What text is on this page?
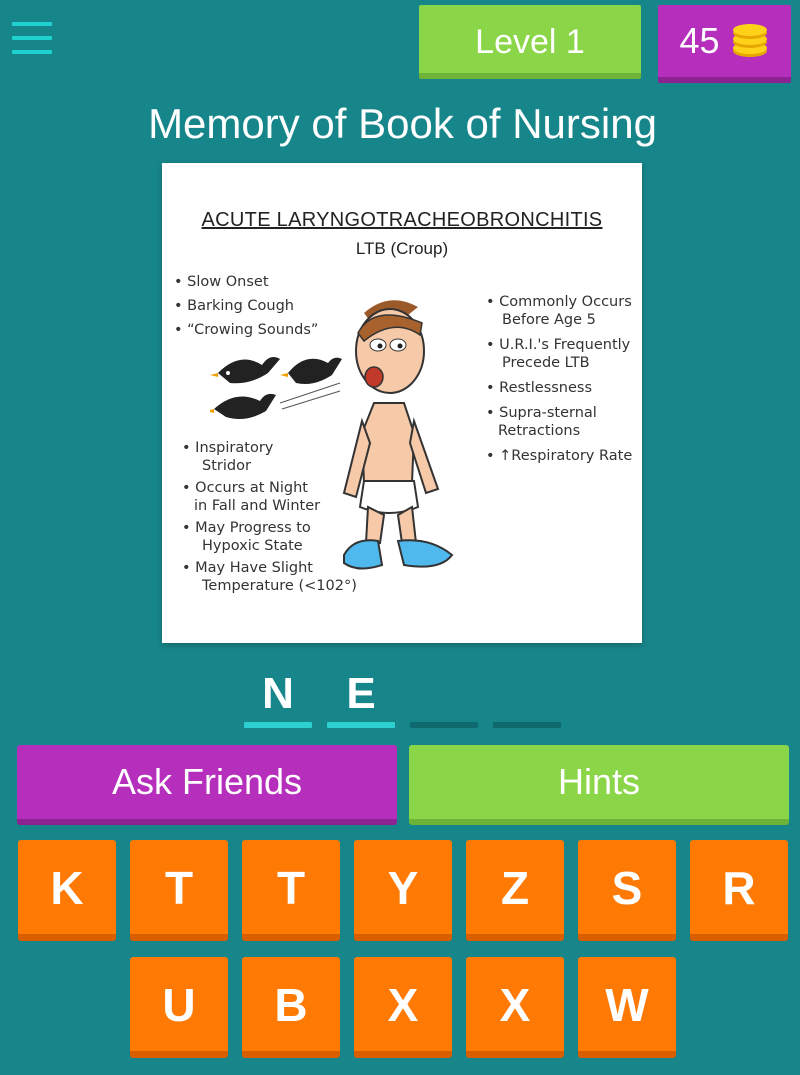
Level 1	45
Memory of Book of Nursing
ACUTE LARYNGOTRACHEOBRONCHITIS
LTB (Croup)
• Slow Onset
• Barking Cough
• “Crowing Sounds”
• Inspiratory
Stridor
• Occurs at Night
in Fall and Winter
• May Progress to
Hypoxic State
• May Have Slight
Temperature (<102°)
• Commonly Occurs
Before Age 5
• U.R.I.'s Frequently
Precede LTB
• Restlessness
• Supra-sternal
Retractions
• ↑Respiratory Rate
N	E
Ask Friends	Hints
K	T	T	Y	Z	S	R
U	B	X	X	W
